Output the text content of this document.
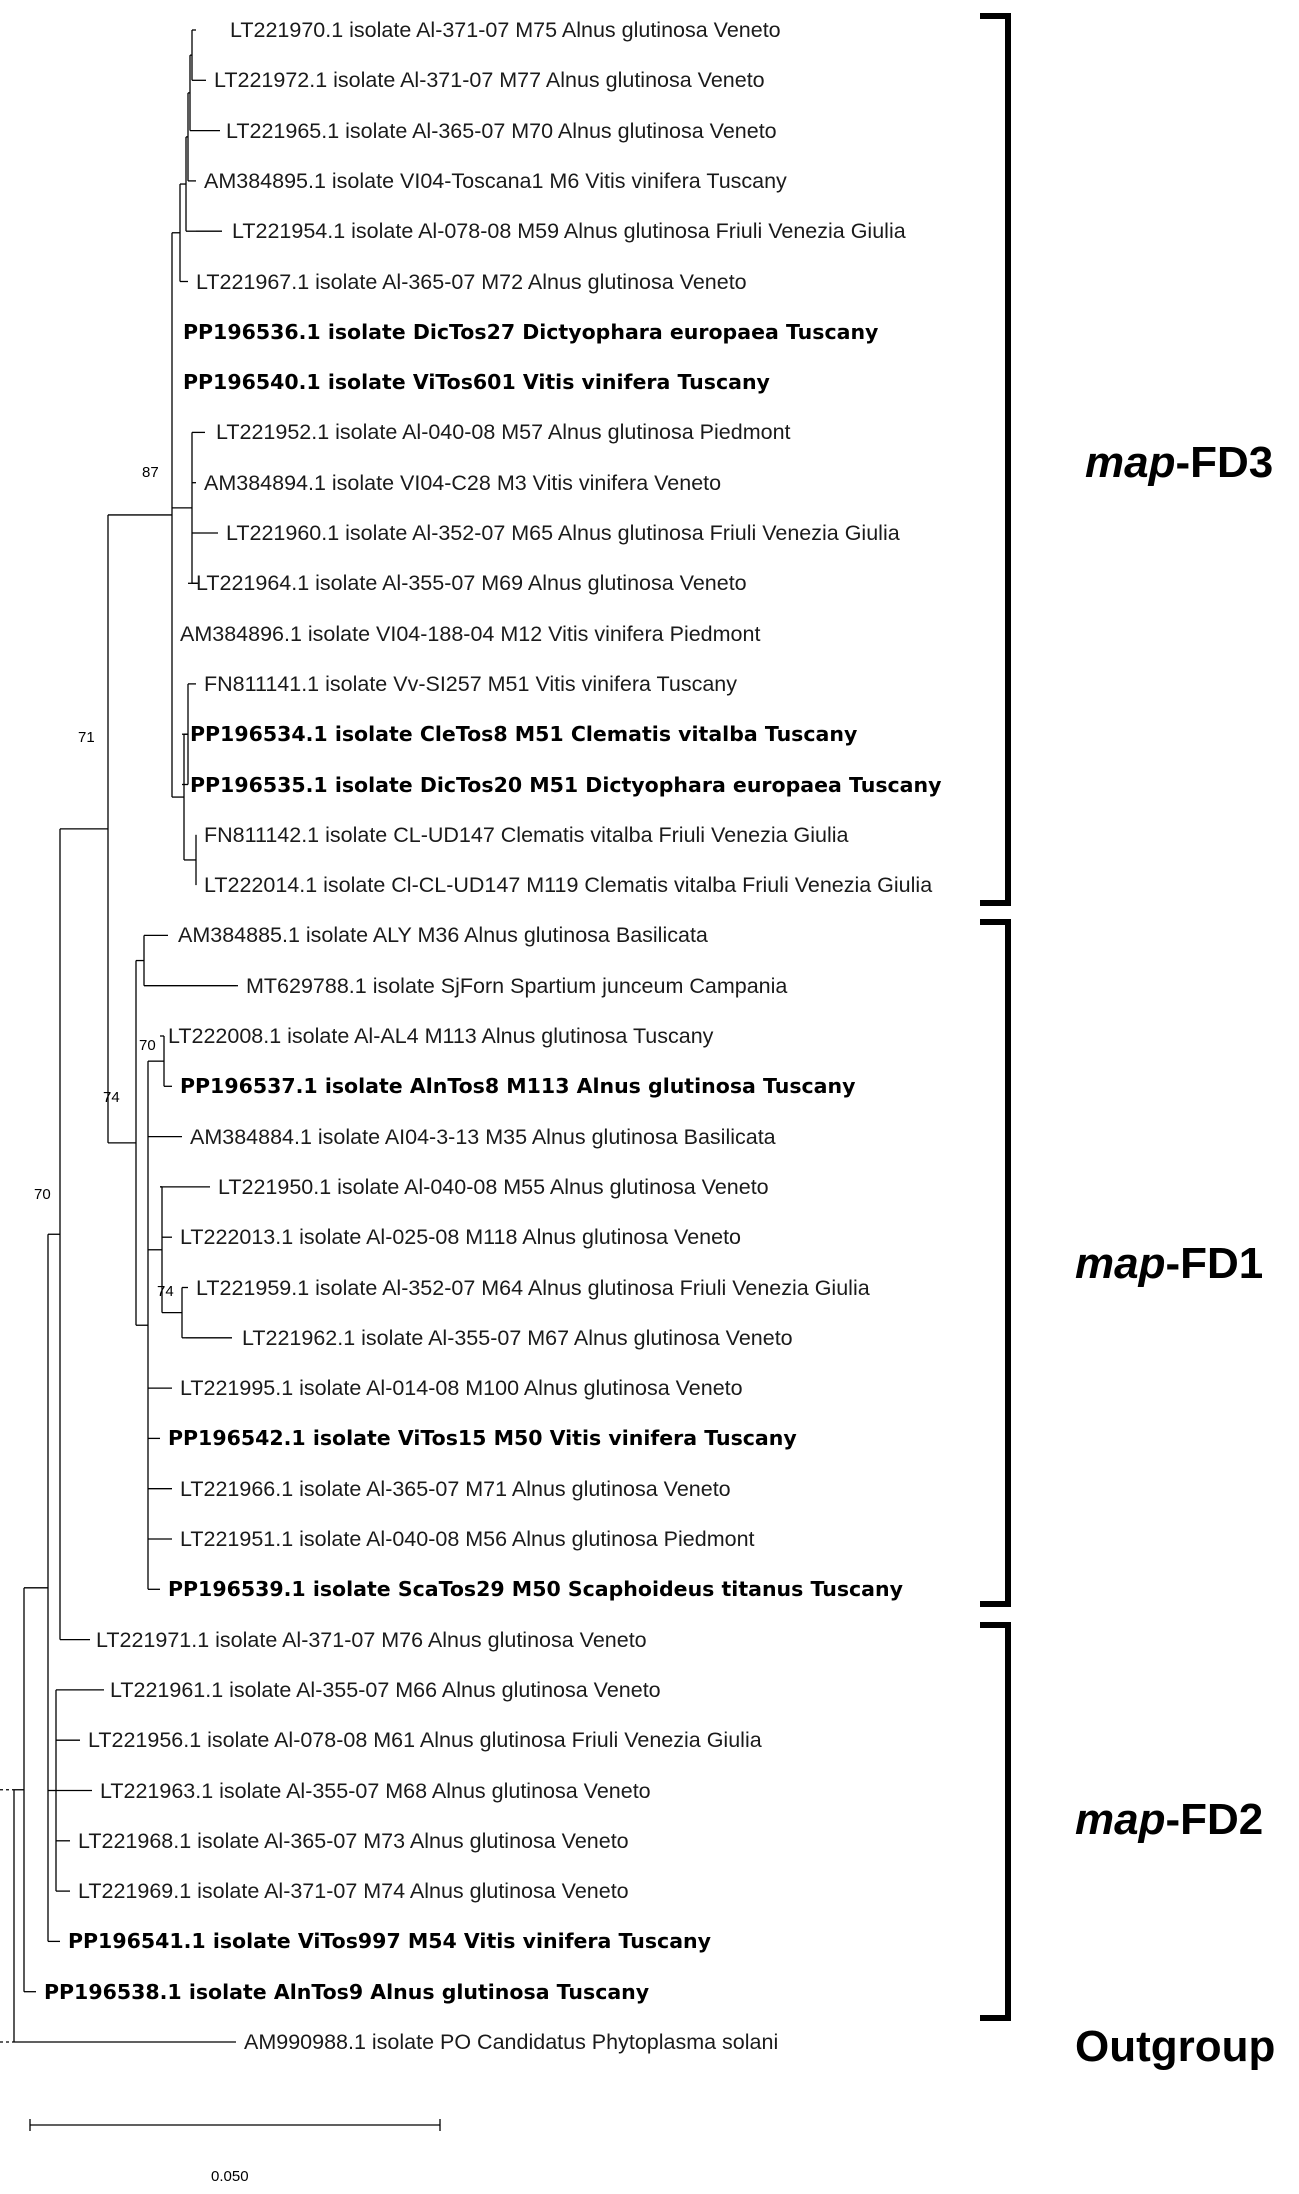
LT221970.1 isolate Al-371-07 M75 Alnus glutinosa Veneto
LT221972.1 isolate Al-371-07 M77 Alnus glutinosa Veneto
LT221965.1 isolate Al-365-07 M70 Alnus glutinosa Veneto
AM384895.1 isolate VI04-Toscana1 M6 Vitis vinifera Tuscany
LT221954.1 isolate Al-078-08 M59 Alnus glutinosa Friuli Venezia Giulia
LT221967.1 isolate Al-365-07 M72 Alnus glutinosa Veneto
PP196536.1 isolate DicTos27 Dictyophara europaea Tuscany
PP196540.1 isolate ViTos601 Vitis vinifera Tuscany
LT221952.1 isolate Al-040-08 M57 Alnus glutinosa Piedmont
AM384894.1 isolate VI04-C28 M3 Vitis vinifera Veneto
LT221960.1 isolate Al-352-07 M65 Alnus glutinosa Friuli Venezia Giulia
LT221964.1 isolate Al-355-07 M69 Alnus glutinosa Veneto
AM384896.1 isolate VI04-188-04 M12 Vitis vinifera Piedmont
FN811141.1 isolate Vv-SI257 M51 Vitis vinifera Tuscany
PP196534.1 isolate CleTos8 M51 Clematis vitalba Tuscany
PP196535.1 isolate DicTos20 M51 Dictyophara europaea Tuscany
FN811142.1 isolate CL-UD147 Clematis vitalba Friuli Venezia Giulia
LT222014.1 isolate Cl-CL-UD147 M119 Clematis vitalba Friuli Venezia Giulia
AM384885.1 isolate ALY M36 Alnus glutinosa Basilicata
MT629788.1 isolate SjForn Spartium junceum Campania
LT222008.1 isolate Al-AL4 M113 Alnus glutinosa Tuscany
PP196537.1 isolate AlnTos8 M113 Alnus glutinosa Tuscany
AM384884.1 isolate AI04-3-13 M35 Alnus glutinosa Basilicata
LT221950.1 isolate Al-040-08 M55 Alnus glutinosa Veneto
LT222013.1 isolate Al-025-08 M118 Alnus glutinosa Veneto
LT221959.1 isolate Al-352-07 M64 Alnus glutinosa Friuli Venezia Giulia
LT221962.1 isolate Al-355-07 M67 Alnus glutinosa Veneto
LT221995.1 isolate Al-014-08 M100 Alnus glutinosa Veneto
PP196542.1 isolate ViTos15 M50 Vitis vinifera Tuscany
LT221966.1 isolate Al-365-07 M71 Alnus glutinosa Veneto
LT221951.1 isolate Al-040-08 M56 Alnus glutinosa Piedmont
PP196539.1 isolate ScaTos29 M50 Scaphoideus titanus Tuscany
LT221971.1 isolate Al-371-07 M76 Alnus glutinosa Veneto
LT221961.1 isolate Al-355-07 M66 Alnus glutinosa Veneto
LT221956.1 isolate Al-078-08 M61 Alnus glutinosa Friuli Venezia Giulia
LT221963.1 isolate Al-355-07 M68 Alnus glutinosa Veneto
LT221968.1 isolate Al-365-07 M73 Alnus glutinosa Veneto
LT221969.1 isolate Al-371-07 M74 Alnus glutinosa Veneto
PP196541.1 isolate ViTos997 M54 Vitis vinifera Tuscany
PP196538.1 isolate AlnTos9 Alnus glutinosa Tuscany
AM990988.1 isolate PO Candidatus Phytoplasma solani
87
71
70
74
70
74
map-FD3
map-FD1
map-FD2
Outgroup
0.050
